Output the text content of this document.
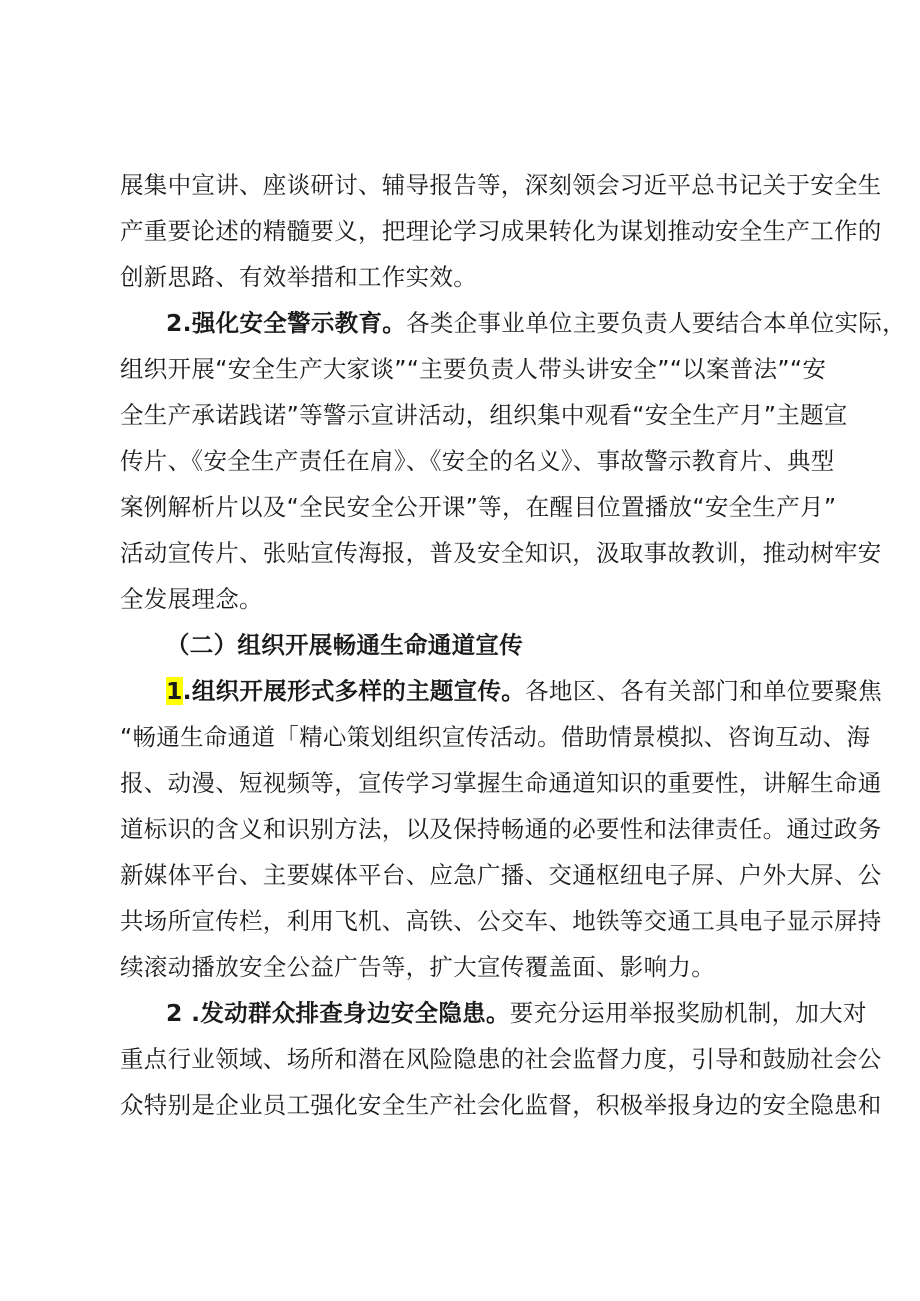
展集中宣讲、座谈研讨、辅导报告等，深刻领会习近平总书记关于安全生
产重要论述的精髓要义，把理论学习成果转化为谋划推动安全生产工作的
创新思路、有效举措和工作实效。
2.强化安全警示教育。各类企事业单位主要负责人要结合本单位实际，
组织开展“安全生产大家谈”“主要负责人带头讲安全”“以案普法”“安
全生产承诺践诺”等警示宣讲活动，组织集中观看“安全生产月”主题宣
传片、《安全生产责任在肩》、《安全的名义》、事故警示教育片、典型
案例解析片以及“全民安全公开课”等，在醒目位置播放“安全生产月”
活动宣传片、张贴宣传海报，普及安全知识，汲取事故教训，推动树牢安
全发展理念。
（二）组织开展畅通生命通道宣传
1.组织开展形式多样的主题宣传。各地区、各有关部门和单位要聚焦
“畅通生命通道「精心策划组织宣传活动。借助情景模拟、咨询互动、海
报、动漫、短视频等，宣传学习掌握生命通道知识的重要性，讲解生命通
道标识的含义和识别方法，以及保持畅通的必要性和法律责任。通过政务
新媒体平台、主要媒体平台、应急广播、交通枢纽电子屏、户外大屏、公
共场所宣传栏，利用飞机、高铁、公交车、地铁等交通工具电子显示屏持
续滚动播放安全公益广告等，扩大宣传覆盖面、影响力。
2 .发动群众排查身边安全隐患。要充分运用举报奖励机制，加大对
重点行业领域、场所和潜在风险隐患的社会监督力度，引导和鼓励社会公
众特别是企业员工强化安全生产社会化监督，积极举报身边的安全隐患和
